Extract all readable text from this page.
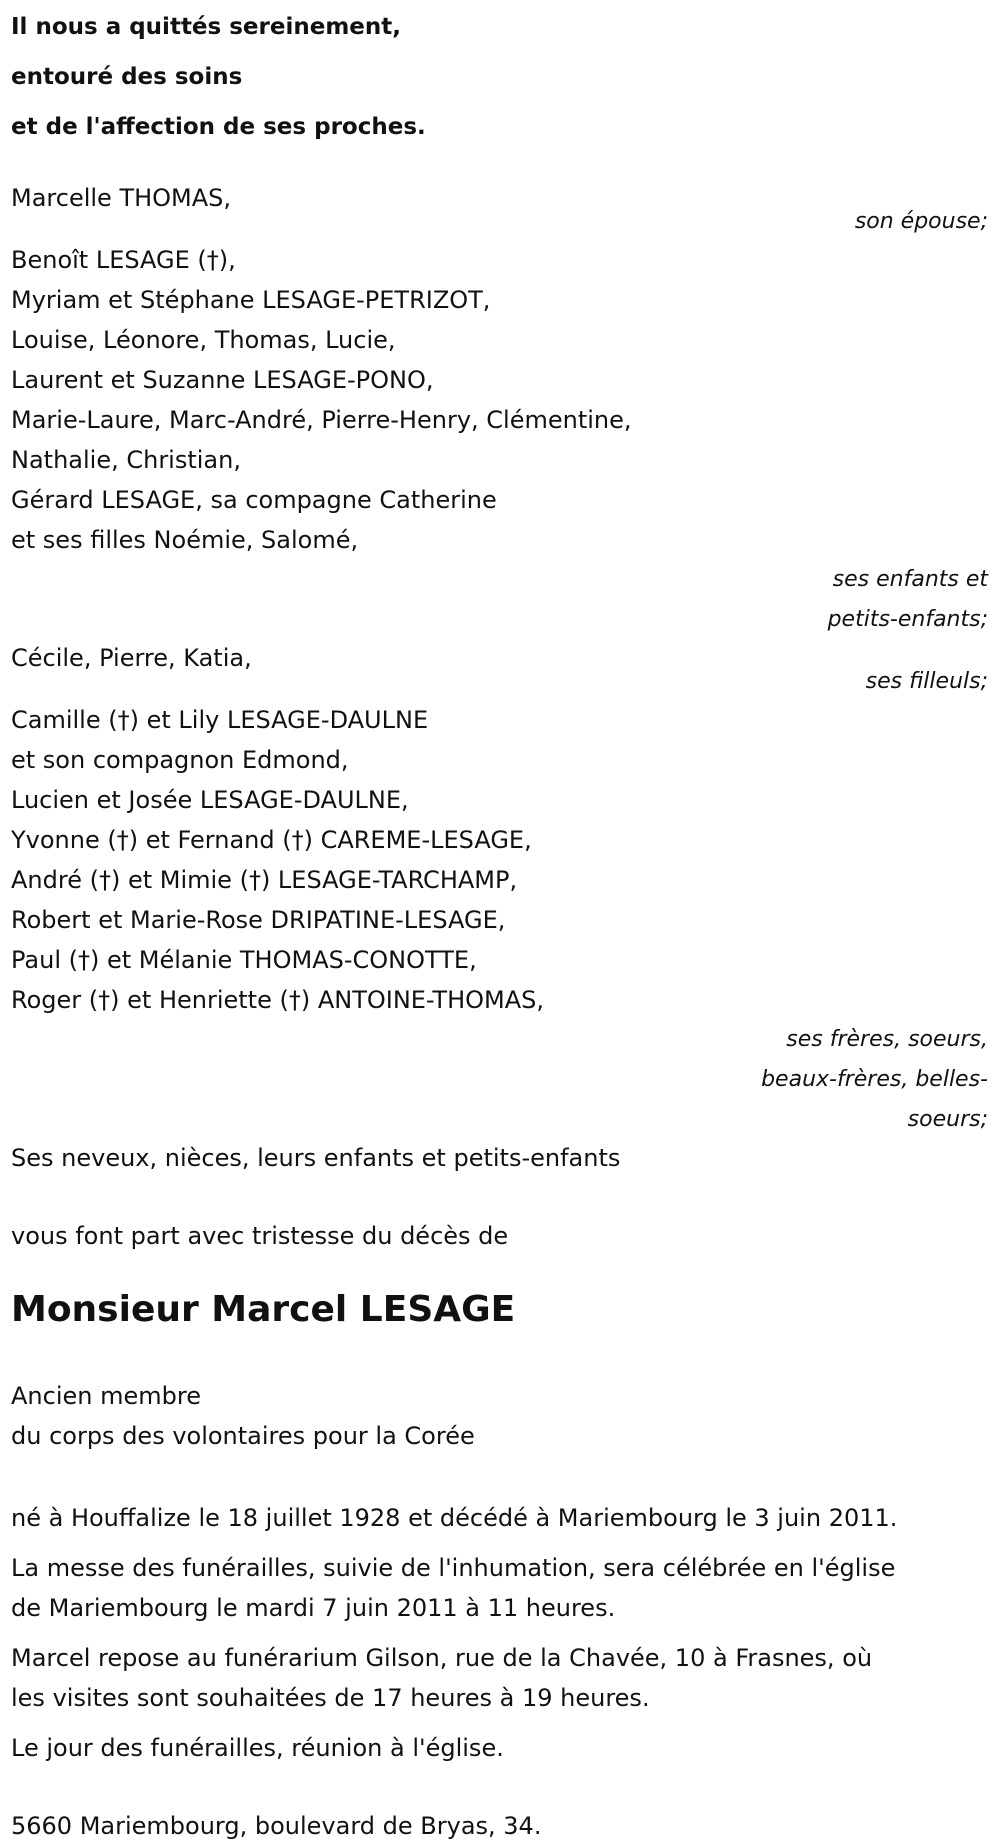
Il nous a quittés sereinement,
entouré des soins
et de l'affection de ses proches.
Marcelle THOMAS,
son épouse;
Benoît LESAGE (†),
Myriam et Stéphane LESAGE-PETRIZOT,
Louise, Léonore, Thomas, Lucie,
Laurent et Suzanne LESAGE-PONO,
Marie-Laure, Marc-André, Pierre-Henry, Clémentine,
Nathalie, Christian,
Gérard LESAGE, sa compagne Catherine
et ses filles Noémie, Salomé,
ses enfants et
petits-enfants;
Cécile, Pierre, Katia,
ses filleuls;
Camille (†) et Lily LESAGE-DAULNE
et son compagnon Edmond,
Lucien et Josée LESAGE-DAULNE,
Yvonne (†) et Fernand (†) CAREME-LESAGE,
André (†) et Mimie (†) LESAGE-TARCHAMP,
Robert et Marie-Rose DRIPATINE-LESAGE,
Paul (†) et Mélanie THOMAS-CONOTTE,
Roger (†) et Henriette (†) ANTOINE-THOMAS,
ses frères, soeurs,
beaux-frères, belles-
soeurs;
Ses neveux, nièces, leurs enfants et petits-enfants
vous font part avec tristesse du décès de
Monsieur Marcel LESAGE
Ancien membre
du corps des volontaires pour la Corée
né à Houffalize le 18 juillet 1928 et décédé à Mariembourg le 3 juin 2011.
La messe des funérailles, suivie de l'inhumation, sera célébrée en l'église
de Mariembourg le mardi 7 juin 2011 à 11 heures.
Marcel repose au funérarium Gilson, rue de la Chavée, 10 à Frasnes, où
les visites sont souhaitées de 17 heures à 19 heures.
Le jour des funérailles, réunion à l'église.
5660 Mariembourg, boulevard de Bryas, 34.
